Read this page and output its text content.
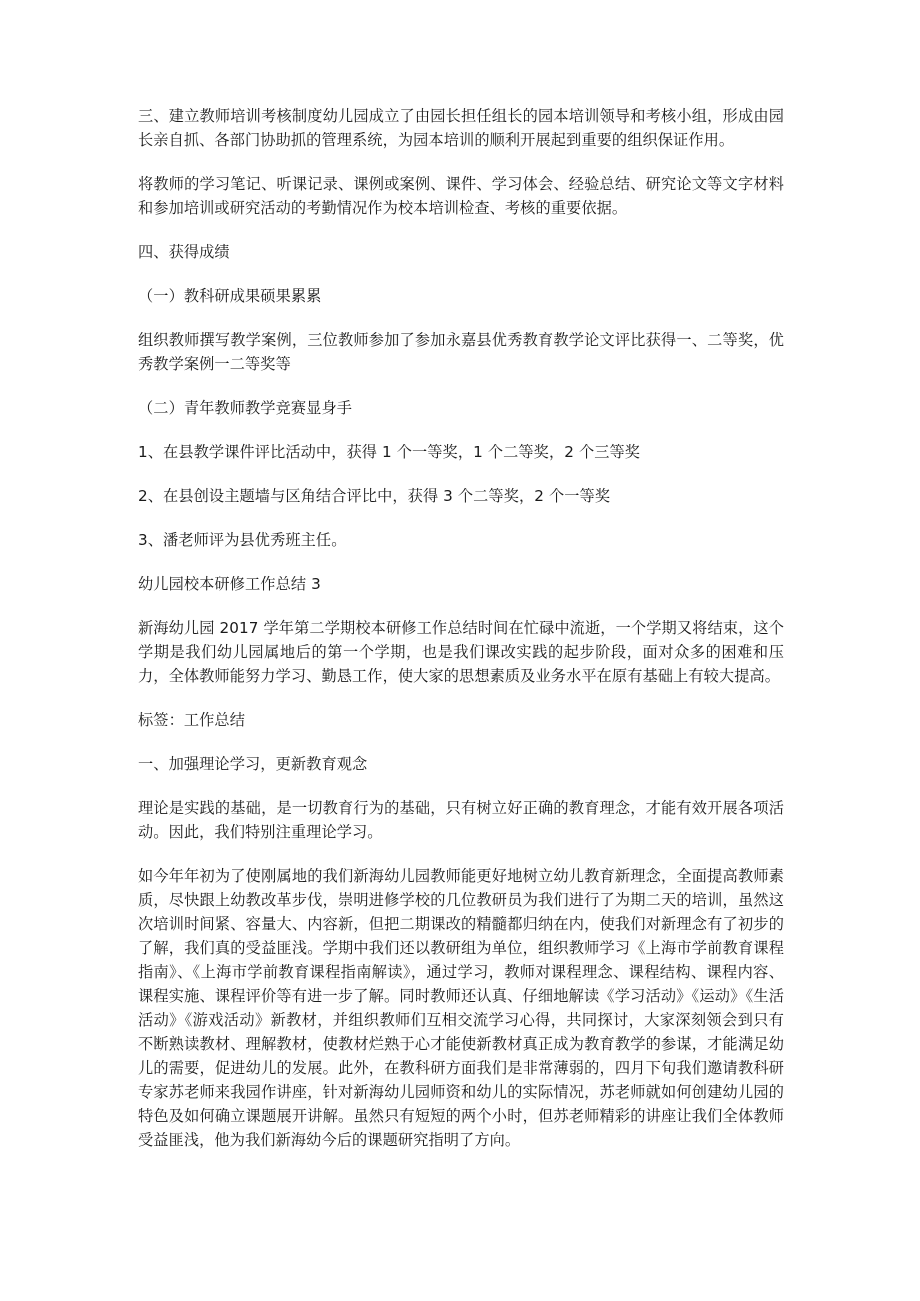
三、建立教师培训考核制度幼儿园成立了由园长担任组长的园本培训领导和考核小组，形成由园长亲自抓、各部门协助抓的管理系统，为园本培训的顺利开展起到重要的组织保证作用。

将教师的学习笔记、听课记录、课例或案例、课件、学习体会、经验总结、研究论文等文字材料和参加培训或研究活动的考勤情况作为校本培训检查、考核的重要依据。

四、获得成绩

（一）教科研成果硕果累累

组织教师撰写教学案例，三位教师参加了参加永嘉县优秀教育教学论文评比获得一、二等奖，优秀教学案例一二等奖等

（二）青年教师教学竞赛显身手

1、在县教学课件评比活动中，获得 1 个一等奖，1 个二等奖，2 个三等奖

2、在县创设主题墙与区角结合评比中，获得 3 个二等奖，2 个一等奖

3、潘老师评为县优秀班主任。

幼儿园校本研修工作总结 3

新海幼儿园 2017 学年第二学期校本研修工作总结时间在忙碌中流逝，一个学期又将结束，这个学期是我们幼儿园属地后的第一个学期，也是我们课改实践的起步阶段，面对众多的困难和压力，全体教师能努力学习、勤恳工作，使大家的思想素质及业务水平在原有基础上有较大提高。

标签：工作总结

一、加强理论学习，更新教育观念

理论是实践的基础，是一切教育行为的基础，只有树立好正确的教育理念，才能有效开展各项活动。因此，我们特别注重理论学习。

如今年年初为了使刚属地的我们新海幼儿园教师能更好地树立幼儿教育新理念，全面提高教师素质，尽快跟上幼教改革步伐，崇明进修学校的几位教研员为我们进行了为期二天的培训，虽然这次培训时间紧、容量大、内容新，但把二期课改的精髓都归纳在内，使我们对新理念有了初步的了解，我们真的受益匪浅。学期中我们还以教研组为单位，组织教师学习《上海市学前教育课程指南》、《上海市学前教育课程指南解读》，通过学习，教师对课程理念、课程结构、课程内容、课程实施、课程评价等有进一步了解。同时教师还认真、仔细地解读《学习活动》《运动》《生活活动》《游戏活动》新教材，并组织教师们互相交流学习心得，共同探讨，大家深刻领会到只有不断熟读教材、理解教材，使教材烂熟于心才能使新教材真正成为教育教学的参谋，才能满足幼儿的需要，促进幼儿的发展。此外，在教科研方面我们是非常薄弱的，四月下旬我们邀请教科研专家苏老师来我园作讲座，针对新海幼儿园师资和幼儿的实际情况，苏老师就如何创建幼儿园的特色及如何确立课题展开讲解。虽然只有短短的两个小时，但苏老师精彩的讲座让我们全体教师受益匪浅，他为我们新海幼今后的课题研究指明了方向。
